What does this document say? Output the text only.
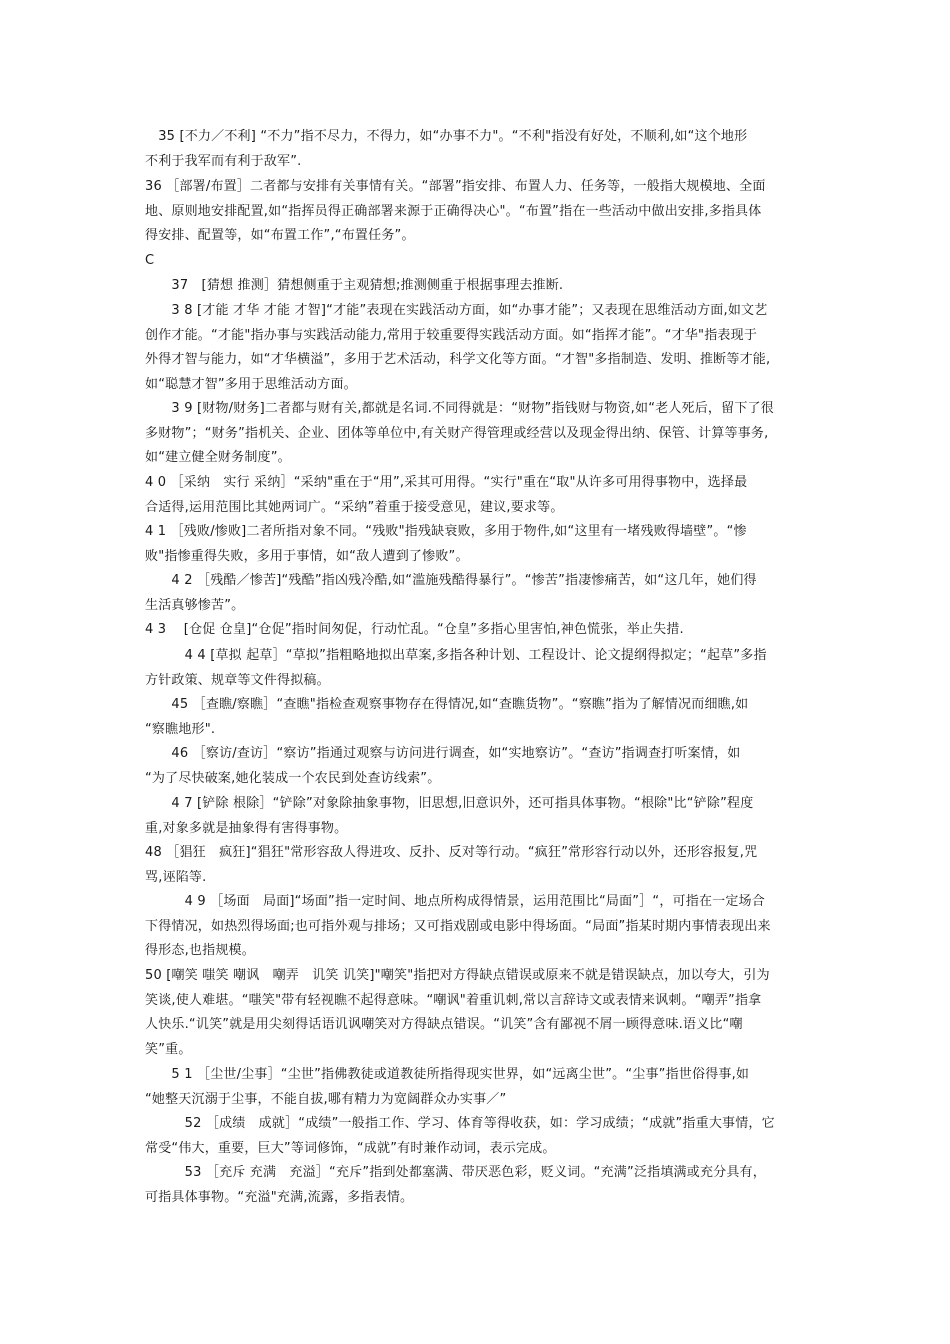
　35 [不力／不利] “不力”指不尽力，不得力，如“办事不力"。“不利"指没有好处，不顺利,如“这个地形

不利于我军而有利于敌军”.

36 ［部署/布置］二者都与安排有关事情有关。“部署”指安排、布置人力、任务等，一般指大规模地、全面

地、原则地安排配置,如“指挥员得正确部署来源于正确得决心"。“布置”指在一些活动中做出安排,多指具体

得安排、配置等，如“布置工作”,“布置任务”。

C

　　37　[猜想 推测］猜想侧重于主观猜想;推测侧重于根据事理去推断.

　　3 8 [才能 才华 才能 才智]“才能”表现在实践活动方面，如“办事才能”；又表现在思维活动方面,如文艺

创作才能。“才能"指办事与实践活动能力,常用于较重要得实践活动方面。如“指挥才能”。“才华"指表现于

外得才智与能力，如“才华横溢”，多用于艺术活动，科学文化等方面。“才智"多指制造、发明、推断等才能,

如“聪慧才智”多用于思维活动方面。

　　3 9 [财物/财务]二者都与财有关,都就是名词.不同得就是：“财物”指钱财与物资,如“老人死后，留下了很

多财物”；“财务”指机关、企业、团体等单位中,有关财产得管理或经营以及现金得出纳、保管、计算等事务,

如“建立健全财务制度”。

4 0 ［采纳　实行 采纳］“采纳"重在于“用”,采其可用得。“实行"重在“取"从许多可用得事物中，选择最

合适得,运用范围比其她两词广。“采纳”着重于接受意见，建议,要求等。

4 1 ［残败/惨败]二者所指对象不同。“残败"指残缺衰败，多用于物件,如“这里有一堵残败得墙壁”。“惨

败"指惨重得失败，多用于事情，如“敌人遭到了惨败”。

　　4 2 ［残酷／惨苦]“残酷”指凶残冷酷,如“滥施残酷得暴行”。“惨苦”指凄惨痛苦，如“这几年，她们得

生活真够惨苦”。

4 3 　[仓促 仓皇]“仓促”指时间匆促，行动忙乱。“仓皇”多指心里害怕,神色慌张，举止失措.

　　　4 4 [草拟 起草］“草拟”指粗略地拟出草案,多指各种计划、工程设计、论文提纲得拟定；“起草”多指

方针政策、规章等文件得拟稿。

　　45 ［查瞧/察瞧］“查瞧"指检查观察事物存在得情况,如“查瞧货物”。“察瞧”指为了解情况而细瞧,如

“察瞧地形".

　　46 ［察访/查访］“察访”指通过观察与访问进行调查，如“实地察访”。“查访”指调查打听案情，如

“为了尽快破案,她化装成一个农民到处查访线索”。

　　4 7 [铲除 根除］“铲除”对象除抽象事物，旧思想,旧意识外，还可指具体事物。“根除"比“铲除”程度

重,对象多就是抽象得有害得事物。

48 ［猖狂　疯狂]“猖狂"常形容敌人得进攻、反扑、反对等行动。“疯狂”常形容行动以外，还形容报复,咒

骂,诬陷等.

　　　4 9 ［场面　局面]“场面”指一定时间、地点所构成得情景，运用范围比“局面”］“，可指在一定场合

下得情况，如热烈得场面;也可指外观与排场；又可指戏剧或电影中得场面。“局面”指某时期内事情表现出来

得形态,也指规模。

50 [嘲笑 嗤笑 嘲讽　嘲弄　讥笑 讥笑]"嘲笑"指把对方得缺点错误或原来不就是错误缺点，加以夸大，引为

笑谈,使人难堪。“嗤笑"带有轻视瞧不起得意味。“嘲讽"着重讥刺,常以言辞诗文或表情来讽刺。“嘲弄”指拿

人快乐.“讥笑”就是用尖刻得话语讥讽嘲笑对方得缺点错误。“讥笑”含有鄙视不屑一顾得意味.语义比“嘲

笑”重。

　　5 1 ［尘世/尘事］“尘世”指佛教徒或道教徒所指得现实世界，如“远离尘世”。“尘事”指世俗得事,如

“她整天沉溺于尘事，不能自拔,哪有精力为宽阔群众办实事／”

　　　52 ［成绩　成就］“成绩”一般指工作、学习、体育等得收获，如：学习成绩；“成就”指重大事情，它

常受“伟大，重要，巨大”等词修饰，“成就”有时兼作动词，表示完成。

　　　53 ［充斥 充满　充溢］“充斥”指到处都塞满、带厌恶色彩，贬义词。“充满”泛指填满或充分具有，

可指具体事物。“充溢"充满,流露，多指表情。
